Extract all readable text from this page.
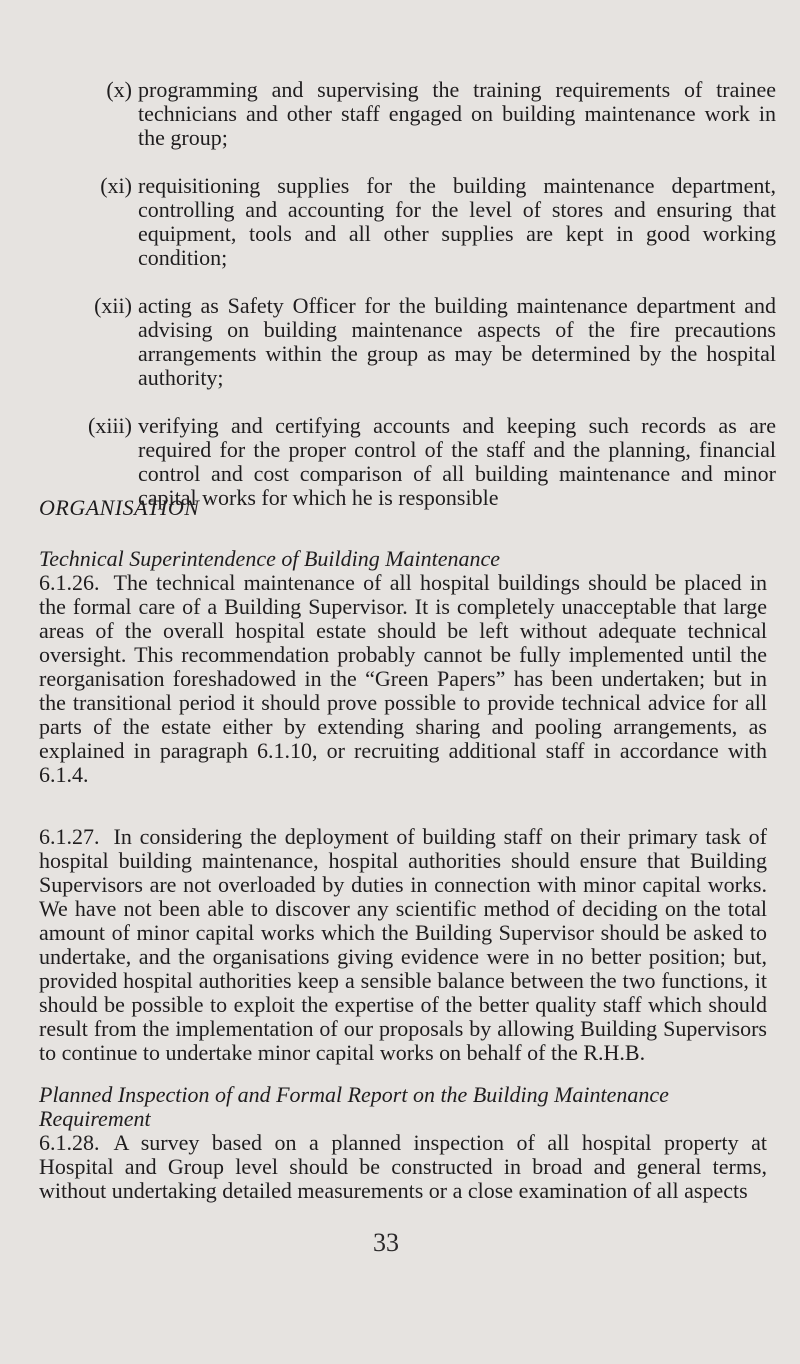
(x) programming and supervising the training requirements of trainee technicians and other staff engaged on building maintenance work in the group;
(xi) requisitioning supplies for the building maintenance department, controlling and accounting for the level of stores and ensuring that equipment, tools and all other supplies are kept in good working condition;
(xii) acting as Safety Officer for the building maintenance department and advising on building maintenance aspects of the fire precautions arrangements within the group as may be determined by the hospital authority;
(xiii) verifying and certifying accounts and keeping such records as are required for the proper control of the staff and the planning, financial control and cost comparison of all building maintenance and minor capital works for which he is responsible
ORGANISATION
Technical Superintendence of Building Maintenance

6.1.26. The technical maintenance of all hospital buildings should be placed in the formal care of a Building Supervisor. It is completely unacceptable that large areas of the overall hospital estate should be left without adequate technical oversight. This recommendation probably cannot be fully implemented until the reorganisation foreshadowed in the “Green Papers” has been undertaken; but in the transitional period it should prove possible to provide technical advice for all parts of the estate either by extending sharing and pooling arrangements, as explained in paragraph 6.1.10, or recruiting additional staff in accordance with 6.1.4.

6.1.27. In considering the deployment of building staff on their primary task of hospital building maintenance, hospital authorities should ensure that Building Supervisors are not overloaded by duties in connection with minor capital works. We have not been able to discover any scientific method of deciding on the total amount of minor capital works which the Building Supervisor should be asked to undertake, and the organisations giving evidence were in no better position; but, provided hospital authorities keep a sensible balance between the two functions, it should be possible to exploit the expertise of the better quality staff which should result from the implementation of our proposals by allowing Building Supervisors to continue to undertake minor capital works on behalf of the R.H.B.

Planned Inspection of and Formal Report on the Building Maintenance Requirement

6.1.28. A survey based on a planned inspection of all hospital property at Hospital and Group level should be constructed in broad and general terms, without undertaking detailed measurements or a close examination of all aspects

33
